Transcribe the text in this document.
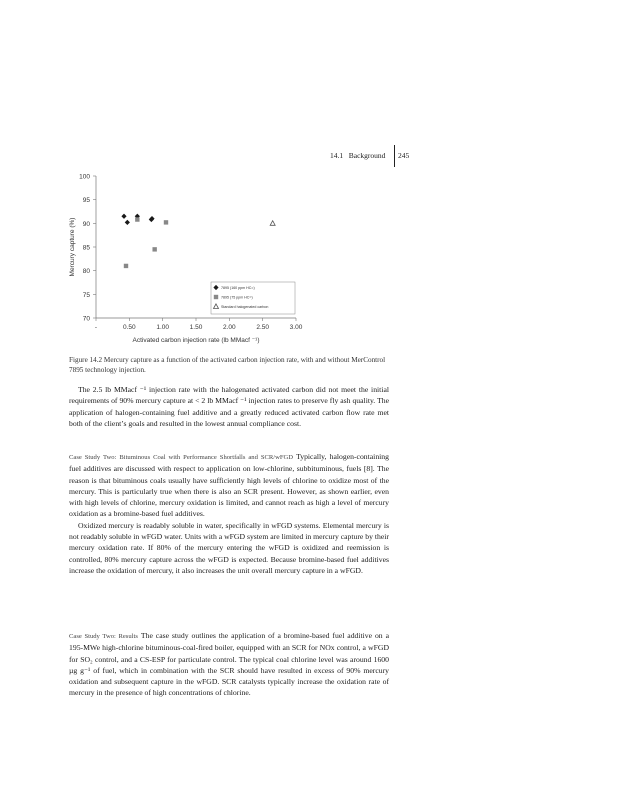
14.1   Background 245
70
75
80
85
90
95
100
-	0.50	1.00	1.50	2.00	2.50	3.00
Mercury capture (%)
Activated carbon injection rate (lb MMacf ⁻¹)
7895 (160 ppm HC=)
7895 (75 ppm HC=)
Standard halogenated carbon
Figure 14.2 Mercury capture as a function of the activated carbon injection rate, with and without MerControl 7895 technology injection.

The 2.5 lb MMacf ⁻¹ injection rate with the halogenated activated carbon did not meet the initial requirements of 90% mercury capture at < 2 lb MMacf ⁻¹ injection rates to preserve fly ash quality. The application of halogen-containing fuel additive and a greatly reduced activated carbon flow rate met both of the client’s goals and resulted in the lowest annual compliance cost.

Case Study Two: Bituminous Coal with Performance Shortfalls and SCR/wFGD Typically, halogen-containing fuel additives are discussed with respect to application on low-chlorine, subbituminous, fuels [8]. The reason is that bituminous coals usually have sufficiently high levels of chlorine to oxidize most of the mercury. This is particularly true when there is also an SCR present. However, as shown earlier, even with high levels of chlorine, mercury oxidation is limited, and cannot reach as high a level of mercury oxidation as a bromine-based fuel additives.

Oxidized mercury is readably soluble in water, specifically in wFGD systems. Elemental mercury is not readably soluble in wFGD water. Units with a wFGD system are limited in mercury capture by their mercury oxidation rate. If 80% of the mercury entering the wFGD is oxidized and reemission is controlled, 80% mercury capture across the wFGD is expected. Because bromine-based fuel additives increase the oxidation of mercury, it also increases the unit overall mercury capture in a wFGD.

Case Study Two: Results The case study outlines the application of a bromine-based fuel additive on a 195-MWe high-chlorine bituminous-coal-fired boiler, equipped with an SCR for NOx control, a wFGD for SO₂ control, and a CS-ESP for particulate control. The typical coal chlorine level was around 1600 µg g⁻¹ of fuel, which in combination with the SCR should have resulted in excess of 90% mercury oxidation and subsequent capture in the wFGD. SCR catalysts typically increase the oxidation rate of mercury in the presence of high concentrations of chlorine.
